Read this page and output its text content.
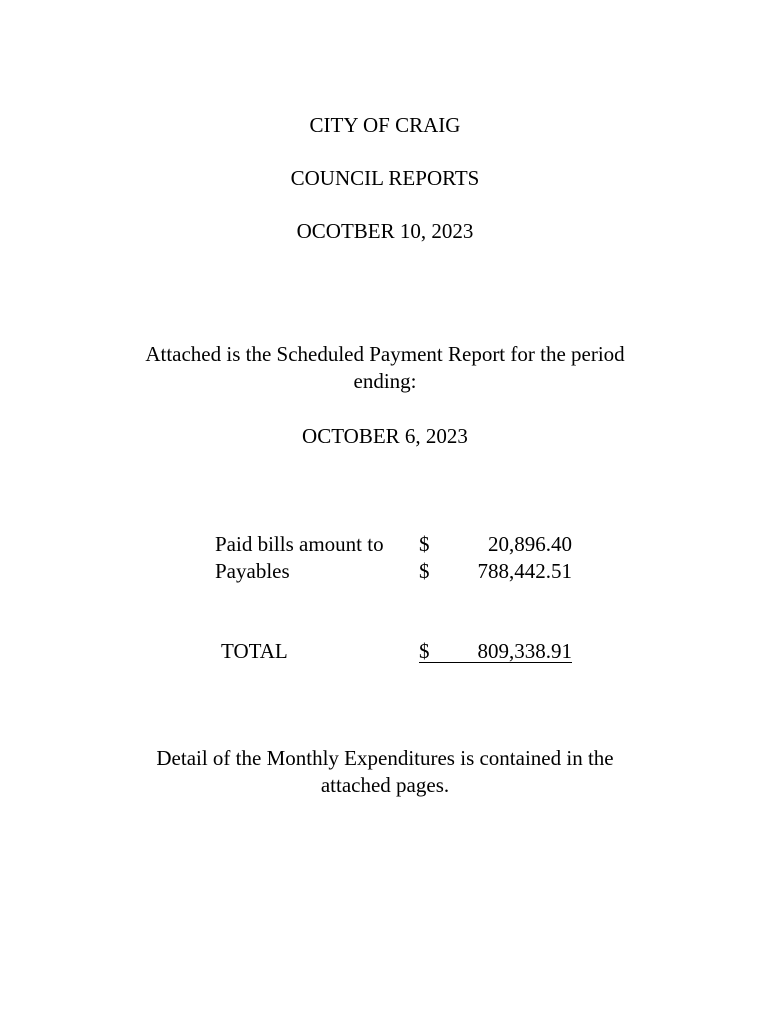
CITY OF CRAIG
COUNCIL REPORTS
OCOTBER 10, 2023
Attached is the Scheduled Payment Report for the period
ending:
OCTOBER 6, 2023
Paid bills amount to $	20,896.40
Payables	$ 788,442.51
TOTAL	$ 809,338.91
Detail of the Monthly Expenditures is contained in the
attached pages.
